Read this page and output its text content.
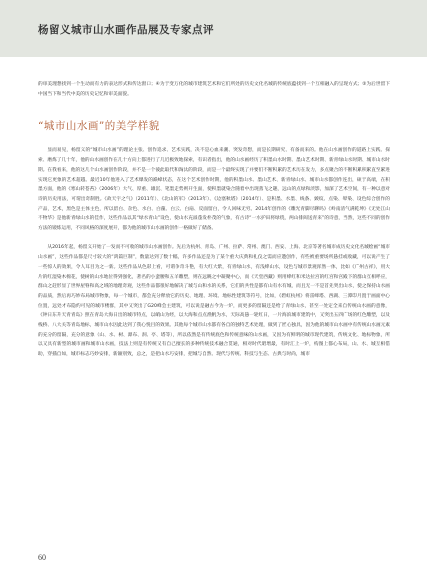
杨留义城市山水画作品展及专家点评

的审美理想找到一个生动而有力的表达形式和传达窗口；④为于变万化的城市建筑艺术和它们所处的历史文化名城的传统底蕴找到一个互相融入的呈现方式；⑤为后世留下中国当下和当代中美的历史记忆和审美面貌。

“城市山水画”的美学样貌

显而易见，杨留义的“城市山水画”的理论主张、创作追求、艺术实践，决不是心血来潮、突发奇想，而是长期研究、有备而来的。他在山水画创作的道路上实践、探索、磨炼了几十年，他的山水画创作在几十方向上都进行了几近极致地探索，有识者指出，他的山水画经历了积墨山水时期、墨山艺术时期、新青绿山水时期、城市山水时期。在我看来，他的这几个山水画创作阶段，并不是一个彼此取代和淘汰的阶段，而是一个最终实现了并要们不断积累的艺术历在发力，多点聚合的不断积累积累直至累进实现它更象的艺术超越。最近10年他进入了艺术爆发的巅峰状态，在这个艺术创作时期，他的积墨山水、墨山艺术、新青绿山水、城市山水都创作连出，硕于高端，在积墨方面，他的《寒山转苍苔》（2006年）大气、厚重、雄沉、笔墨走势则开生面，使积墨就染合随着中出现蒸飞之趣，远山的点绿和淡影，加深了艺术空间，有一种以意对诗的历史用法，可谓出奇制胜。《故天宇之气》（2011年）、《北山的军》（2013年）、《边塞秋塔》（2014年）、是积墨、水墨、线条、皴纹、点染、晕染、设色综合创作的产品，艺术，黑色是主体主色，所以留白、杂色、水白、白藻、白云、白扇、反面留白，令人回味无穷。2014年创作的《雕光青脚尽聊吗》《岭南清气满乾坤》《无处江山不物华》是他新青绿山水的佳作，这些作品以其“绿水青山”设色，使山水充溢蓬发朴茂的气象，有古诗“一水护田将绿绕，两山排闼送青来”的诗意，当然，这些不同的创作方法的锻炼运用，不同风格的深度展开，都为他的城市山水画的创作一格做好了储备。

从2016年起，杨留义开始了一发而不可收的城市山水画创作。先后为杭州、青岛、广州、拉萨、常州、澳门、西安、上海、北京等著名城市成历史文化名城绘画“城市山水画”，这些作品都是尺寸较大的“鸿篇巨制”，数量达到了数十幅，许多作品还是为了某个重大庆典和礼仪之需而应邀创作，有些被重要场所悬挂或收藏，可以说产生了一些惊人的效果，令人耳目为之一新。这些作品从色彩上看，可谓争奇斗艳，有大红大紫，有青绿山水，有浅绛山水，设色与城市景观浑然一体，比如《广州古祥》，用大片的红湿染木棉花，使树的山水地位得到强化，著名的小蛮腰和五羊雕塑，则在远眺之中凝聚中心，而《天堂西藏》则用绛红和米达拉宫的红宫和宫殿下的群山互相呼应，群山之赶形显了世界屋脊和高之域的地理奇观，这些作品都很好地解决了城与山和水的关系，它们的共性是都有山有水有城，而且无一不是首先突出山水，使之保持山水画的品质，然后再巧妙布局城市物象，每一个城市，都会充分释放它的历史、地理、环境、地标性建筑等符号，比如，《碧虹杭州》将雷峰塔、西湖、三潭印月置于画面中心位置，远处才布隐约可见的城市楼群，其中又突出了G20峰会主建筑，可以说是融古今为一炉，而更多的留隔还是给了青绿山水，甚至一处定全来自传统山水画的意像，《钟日东升天青青岛》照在青岛大海日出的城市特点，以峭山为经，以大海和点点渔帆为水，天际高悬一轮红日，一片海滨城市建筑中，又突出五四广场的红色雕塑，以及栈桥、八大关等青岛地标，城市山水因此达到了我心悦目的效果。其他每个城市山水都有各自的独特艺术处理，做到了匠心独具，因为他的城市山水画中有传统山水画元素的充分的留隔，充分的意象（山、水、树、瀑布、洞、亭、塔等），所以依然是有传统底色和传统意味的山水画，又因为有鲜明的城市现代建筑，传统文化、地标物象，所以又具有新型的城市画和城市山水画，技法上则是有传统又有自己擅长的多种传统技术融合贯通，相对时代昭增最，有时汇上一炉，构图上都心布局，山、水、城互相借助，穿插自如，城市标志巧妙安排，新颖别致，总之，是把山水巧安排，把城与自然、现代与传统、科技与生态、古典与时尚，城市

60
